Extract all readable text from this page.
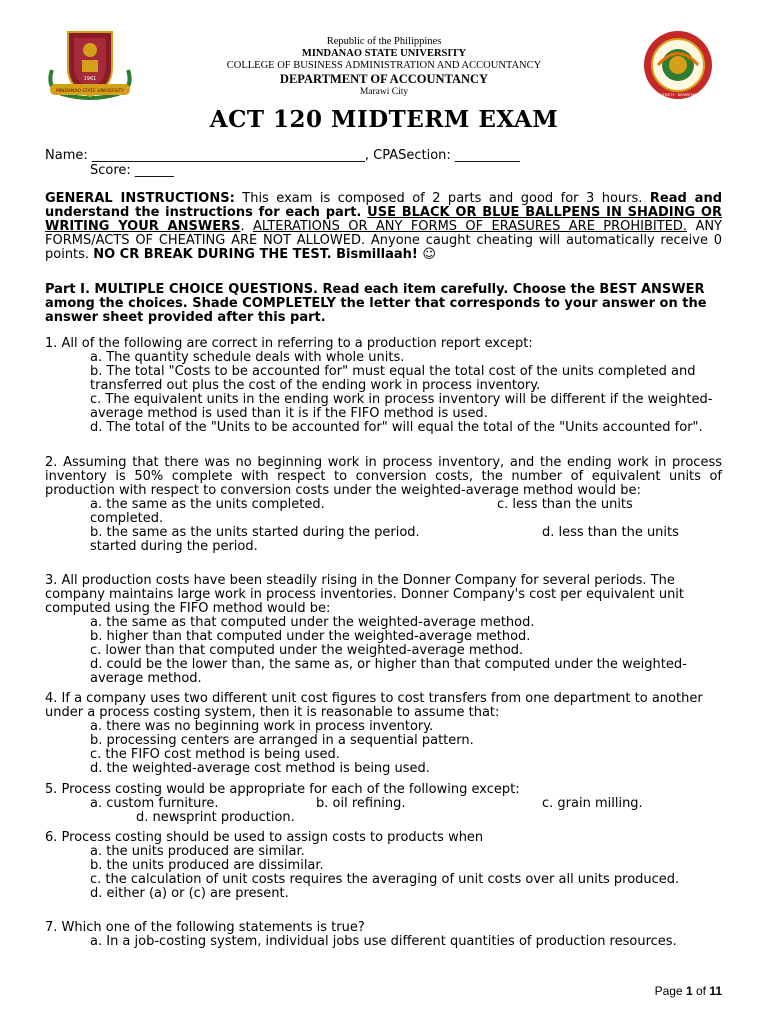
1961
MINDANAO STATE UNIVERSITY
Republic of the Philippines
MINDANAO STATE UNIVERSITY
COLLEGE OF BUSINESS ADMINISTRATION AND ACCOUNTANCY
DEPARTMENT OF ACCOUNTANCY
Marawi City	MINDANAO STATE UNIVERSITY · DEPARTMENT OF ACCOUNTANCY
ACT 120 MIDTERM EXAM
Name: __________________________________________, CPASection: __________
Score: ______
GENERAL INSTRUCTIONS: This exam is composed of 2 parts and good for 3 hours. Read and understand the instructions for each part. USE BLACK OR BLUE BALLPENS IN SHADING OR WRITING YOUR ANSWERS. ALTERATIONS OR ANY FORMS OF ERASURES ARE PROHIBITED. ANY FORMS/ACTS OF CHEATING ARE NOT ALLOWED. Anyone caught cheating will automatically receive 0 points. NO CR BREAK DURING THE TEST. Bismillaah! ☺
Part I. MULTIPLE CHOICE QUESTIONS. Read each item carefully. Choose the BEST ANSWER among the choices. Shade COMPLETELY the letter that corresponds to your answer on the answer sheet provided after this part.
1. All of the following are correct in referring to a production report except:
a. The quantity schedule deals with whole units.
b. The total "Costs to be accounted for" must equal the total cost of the units completed and transferred out plus the cost of the ending work in process inventory.
c. The equivalent units in the ending work in process inventory will be different if the weighted-average method is used than it is if the FIFO method is used.
d. The total of the "Units to be accounted for" will equal the total of the "Units accounted for".
2. Assuming that there was no beginning work in process inventory, and the ending work in process inventory is 50% complete with respect to conversion costs, the number of equivalent units of production with respect to conversion costs under the weighted-average method would be:
a. the same as the units completed.	c. less than the units
completed.
b. the same as the units started during the period.	d. less than the units
started during the period.
3. All production costs have been steadily rising in the Donner Company for several periods. The company maintains large work in process inventories. Donner Company's cost per equivalent unit computed using the FIFO method would be:
a. the same as that computed under the weighted-average method.
b. higher than that computed under the weighted-average method.
c. lower than that computed under the weighted-average method.
d. could be the lower than, the same as, or higher than that computed under the weighted-average method.
4. If a company uses two different unit cost figures to cost transfers from one department to another under a process costing system, then it is reasonable to assume that:
a. there was no beginning work in process inventory.
b. processing centers are arranged in a sequential pattern.
c. the FIFO cost method is being used.
d. the weighted-average cost method is being used.
5. Process costing would be appropriate for each of the following except:
a. custom furniture.	b. oil refining.	c. grain milling.
d. newsprint production.
6. Process costing should be used to assign costs to products when
a. the units produced are similar.
b. the units produced are dissimilar.
c. the calculation of unit costs requires the averaging of unit costs over all units produced.
d. either (a) or (c) are present.
7. Which one of the following statements is true?
a. In a job-costing system, individual jobs use different quantities of production resources.
Page 1 of 11
